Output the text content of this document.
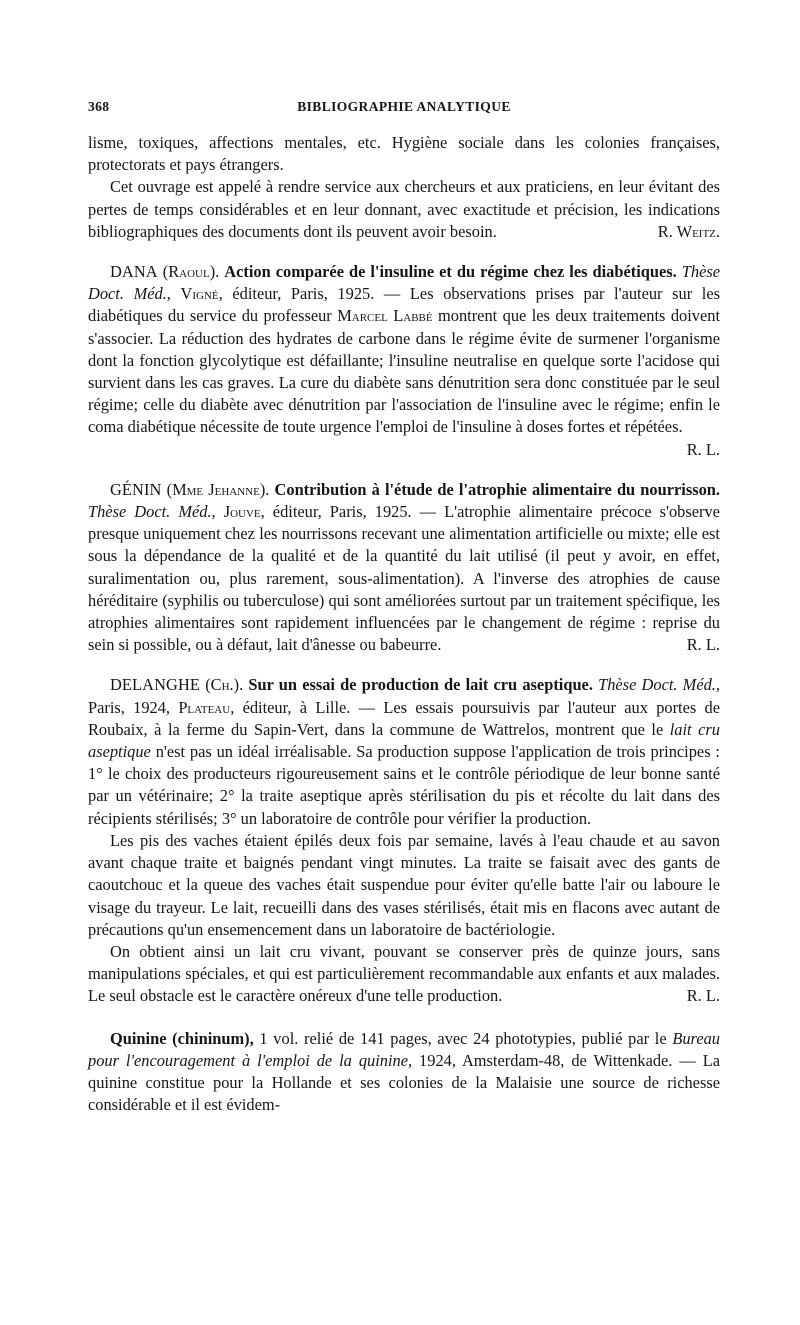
368	BIBLIOGRAPHIE ANALYTIQUE

lisme, toxiques, affections mentales, etc. Hygiène sociale dans les colonies françaises, protectorats et pays étrangers.

Cet ouvrage est appelé à rendre service aux chercheurs et aux praticiens, en leur évitant des pertes de temps considérables et en leur donnant, avec exactitude et précision, les indications bibliographiques des documents dont ils peuvent avoir besoin.	R. Weitz.

DANA (Raoul). Action comparée de l'insuline et du régime chez les diabétiques. Thèse Doct. Méd., Vigné, éditeur, Paris, 1925. — Les observations prises par l'auteur sur les diabétiques du service du professeur Marcel Labbé montrent que les deux traitements doivent s'associer. La réduction des hydrates de carbone dans le régime évite de surmener l'organisme dont la fonction glycolytique est défaillante; l'insuline neutralise en quelque sorte l'acidose qui survient dans les cas graves. La cure du diabète sans dénutrition sera donc constituée par le seul régime; celle du diabète avec dénutrition par l'association de l'insuline avec le régime; enfin le coma diabétique nécessite de toute urgence l'emploi de l'insuline à doses fortes et répétées.
R. L.

GÉNIN (Mme Jehanne). Contribution à l'étude de l'atrophie alimentaire du nourrisson. Thèse Doct. Méd., Jouve, éditeur, Paris, 1925. — L'atrophie alimentaire précoce s'observe presque uniquement chez les nourrissons recevant une alimentation artificielle ou mixte; elle est sous la dépendance de la qualité et de la quantité du lait utilisé (il peut y avoir, en effet, suralimentation ou, plus rarement, sous-alimentation). A l'inverse des atrophies de cause héréditaire (syphilis ou tuberculose) qui sont améliorées surtout par un traitement spécifique, les atrophies alimentaires sont rapidement influencées par le changement de régime : reprise du sein si possible, ou à défaut, lait d'ânesse ou babeurre.	R. L.

DELANGHE (Ch.). Sur un essai de production de lait cru aseptique. Thèse Doct. Méd., Paris, 1924, Plateau, éditeur, à Lille. — Les essais poursuivis par l'auteur aux portes de Roubaix, à la ferme du Sapin-Vert, dans la commune de Wattrelos, montrent que le lait cru aseptique n'est pas un idéal irréalisable. Sa production suppose l'application de trois principes : 1° le choix des producteurs rigoureusement sains et le contrôle périodique de leur bonne santé par un vétérinaire; 2° la traite aseptique après stérilisation du pis et récolte du lait dans des récipients stérilisés; 3° un laboratoire de contrôle pour vérifier la production.

Les pis des vaches étaient épilés deux fois par semaine, lavés à l'eau chaude et au savon avant chaque traite et baignés pendant vingt minutes. La traite se faisait avec des gants de caoutchouc et la queue des vaches était suspendue pour éviter qu'elle batte l'air ou laboure le visage du trayeur. Le lait, recueilli dans des vases stérilisés, était mis en flacons avec autant de précautions qu'un ensemencement dans un laboratoire de bactériologie.

On obtient ainsi un lait cru vivant, pouvant se conserver près de quinze jours, sans manipulations spéciales, et qui est particulièrement recommandable aux enfants et aux malades. Le seul obstacle est le caractère onéreux d'une telle production.	R. L.

Quinine (chininum), 1 vol. relié de 141 pages, avec 24 phototypies, publié par le Bureau pour l'encouragement à l'emploi de la quinine, 1924, Amsterdam-48, de Wittenkade. — La quinine constitue pour la Hollande et ses colonies de la Malaisie une source de richesse considérable et il est évidem-
